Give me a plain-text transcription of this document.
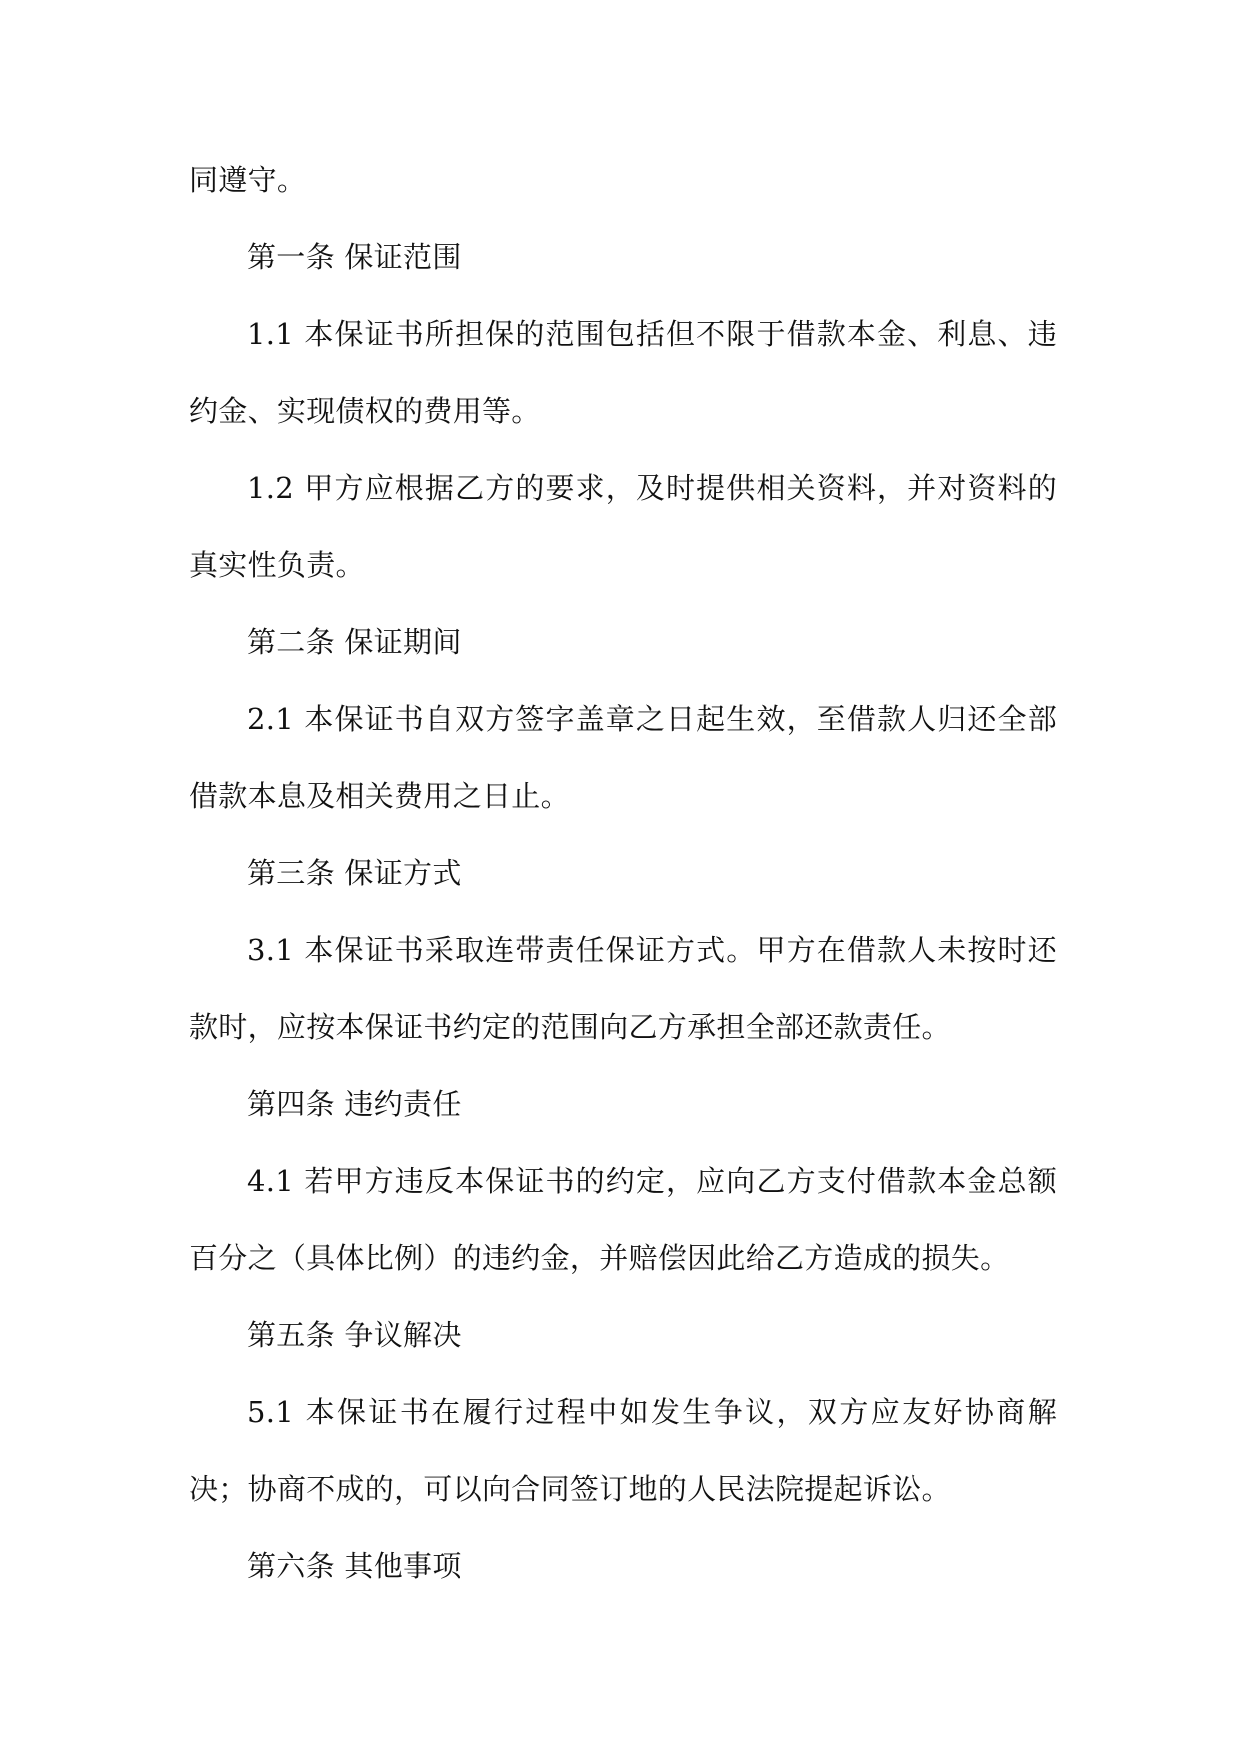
同遵守。

第一条 保证范围

1.1 本保证书所担保的范围包括但不限于借款本金、利息、违约金、实现债权的费用等。

1.2 甲方应根据乙方的要求，及时提供相关资料，并对资料的真实性负责。

第二条 保证期间

2.1 本保证书自双方签字盖章之日起生效，至借款人归还全部借款本息及相关费用之日止。

第三条 保证方式

3.1 本保证书采取连带责任保证方式。甲方在借款人未按时还款时，应按本保证书约定的范围向乙方承担全部还款责任。

第四条 违约责任

4.1 若甲方违反本保证书的约定，应向乙方支付借款本金总额百分之（具体比例）的违约金，并赔偿因此给乙方造成的损失。

第五条 争议解决

5.1 本保证书在履行过程中如发生争议，双方应友好协商解决；协商不成的，可以向合同签订地的人民法院提起诉讼。

第六条 其他事项
